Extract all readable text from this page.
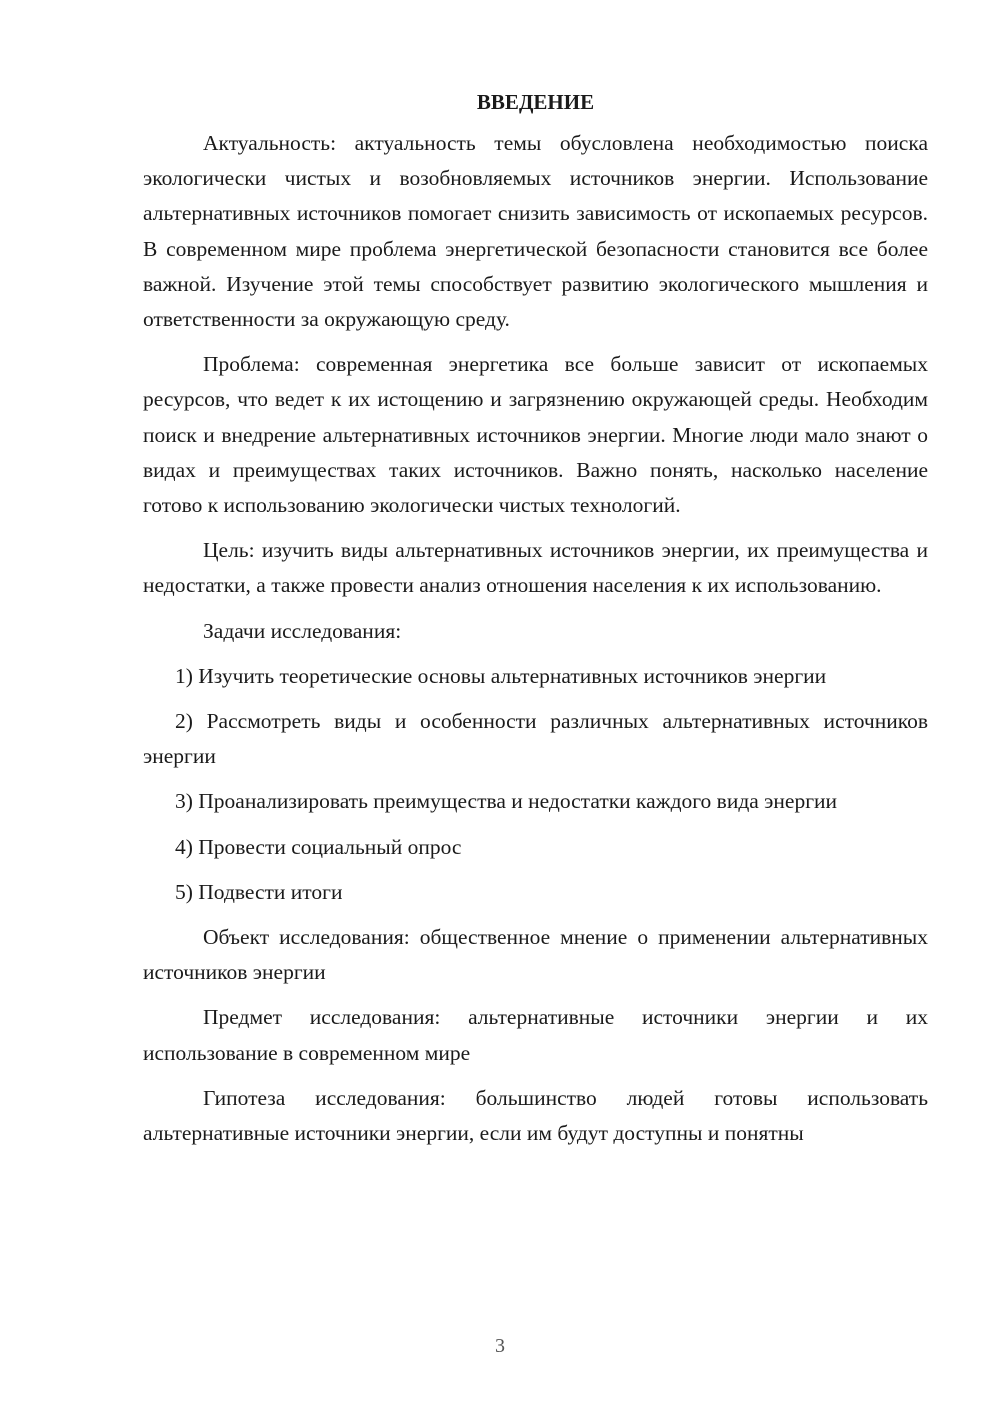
ВВЕДЕНИЕ

Актуальность: актуальность темы обусловлена необходимостью поиска экологически чистых и возобновляемых источников энергии. Использование альтернативных источников помогает снизить зависимость от ископаемых ресурсов. В современном мире проблема энергетической безопасности становится все более важной. Изучение этой темы способствует развитию экологического мышления и ответственности за окружающую среду.

Проблема: современная энергетика все больше зависит от ископаемых ресурсов, что ведет к их истощению и загрязнению окружающей среды. Необходим поиск и внедрение альтернативных источников энергии. Многие люди мало знают о видах и преимуществах таких источников. Важно понять, насколько население готово к использованию экологически чистых технологий.

Цель: изучить виды альтернативных источников энергии, их преимущества и недостатки, а также провести анализ отношения населения к их использованию.

Задачи исследования:

1) Изучить теоретические основы альтернативных источников энергии

2) Рассмотреть виды и особенности различных альтернативных источников энергии

3) Проанализировать преимущества и недостатки каждого вида энергии

4) Провести социальный опрос

5) Подвести итоги

Объект исследования: общественное мнение о применении альтернативных источников энергии

Предмет исследования: альтернативные источники энергии и их использование в современном мире

Гипотеза исследования: большинство людей готовы использовать альтернативные источники энергии, если им будут доступны и понятны

3
